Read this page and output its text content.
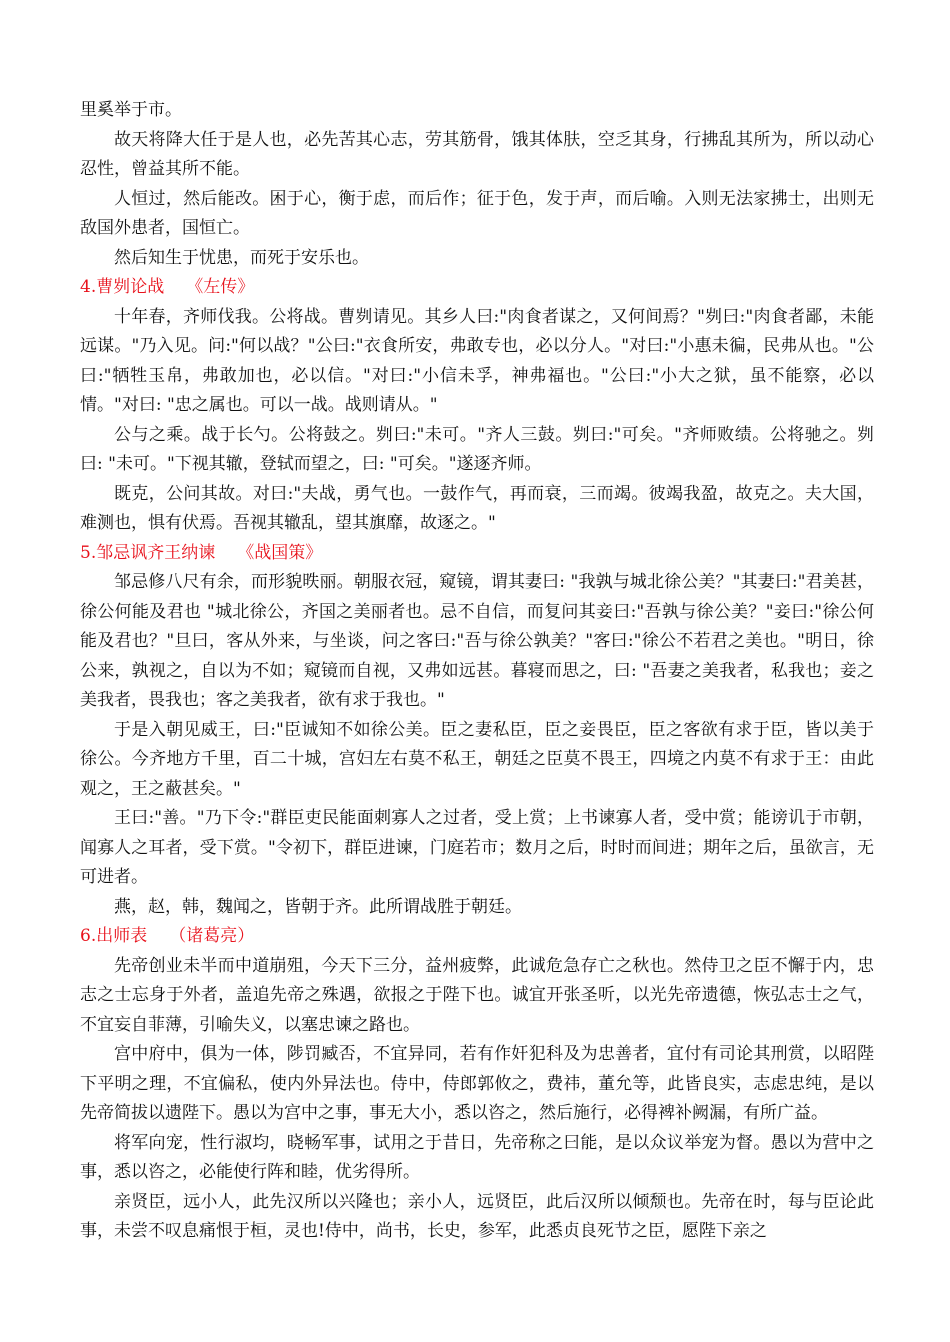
里奚举于市。

故天将降大任于是人也，必先苦其心志，劳其筋骨，饿其体肤，空乏其身，行拂乱其所为，所以动心忍性，曾益其所不能。

人恒过，然后能改。困于心，衡于虑，而后作；征于色，发于声，而后喻。入则无法家拂士，出则无敌国外患者，国恒亡。

然后知生于忧患，而死于安乐也。

4.曹刿论战 《左传》

十年春，齐师伐我。公将战。曹刿请见。其乡人曰:"肉食者谋之，又何间焉？"刿曰:"肉食者鄙，未能远谋。"乃入见。问:"何以战？"公曰:"衣食所安，弗敢专也，必以分人。"对曰:"小惠未徧，民弗从也。"公曰:"牺牲玉帛，弗敢加也，必以信。"对曰:"小信未孚，神弗福也。"公曰:"小大之狱，虽不能察，必以情。"对曰: "忠之属也。可以一战。战则请从。"

公与之乘。战于长勺。公将鼓之。刿曰:"未可。"齐人三鼓。刿曰:"可矣。"齐师败绩。公将驰之。刿曰: "未可。"下视其辙，登轼而望之，曰: "可矣。"遂逐齐师。

既克，公问其故。对曰:"夫战，勇气也。一鼓作气，再而衰，三而竭。彼竭我盈，故克之。夫大国，难测也，惧有伏焉。吾视其辙乱，望其旗靡，故逐之。"

5.邹忌讽齐王纳谏 《战国策》

邹忌修八尺有余，而形貌昳丽。朝服衣冠，窥镜，谓其妻曰: "我孰与城北徐公美？"其妻曰:"君美甚，徐公何能及君也 "城北徐公，齐国之美丽者也。忌不自信，而复问其妾曰:"吾孰与徐公美？"妾曰:"徐公何能及君也？"旦曰，客从外来，与坐谈，问之客曰:"吾与徐公孰美？"客曰:"徐公不若君之美也。"明日，徐公来，孰视之，自以为不如；窥镜而自视，又弗如远甚。暮寝而思之，曰: "吾妻之美我者，私我也；妾之美我者，畏我也；客之美我者，欲有求于我也。"

于是入朝见威王，曰:"臣诚知不如徐公美。臣之妻私臣，臣之妾畏臣，臣之客欲有求于臣，皆以美于徐公。今齐地方千里，百二十城，宫妇左右莫不私王，朝廷之臣莫不畏王，四境之内莫不有求于王：由此观之，王之蔽甚矣。"

王曰:"善。"乃下令:"群臣吏民能面刺寡人之过者，受上赏；上书谏寡人者，受中赏；能谤讥于市朝，闻寡人之耳者，受下赏。"令初下，群臣进谏，门庭若市；数月之后，时时而间进；期年之后，虽欲言，无可进者。

燕，赵，韩，魏闻之，皆朝于齐。此所谓战胜于朝廷。

6.出师表 （诸葛亮）

先帝创业未半而中道崩殂，今天下三分，益州疲弊，此诚危急存亡之秋也。然侍卫之臣不懈于内，忠志之士忘身于外者，盖追先帝之殊遇，欲报之于陛下也。诚宜开张圣听，以光先帝遗德，恢弘志士之气，不宜妄自菲薄，引喻失义，以塞忠谏之路也。

宫中府中，俱为一体，陟罚臧否，不宜异同，若有作奸犯科及为忠善者，宜付有司论其刑赏，以昭陛下平明之理，不宜偏私，使内外异法也。侍中，侍郎郭攸之，费祎，董允等，此皆良实，志虑忠纯，是以先帝简拔以遗陛下。愚以为宫中之事，事无大小，悉以咨之，然后施行，必得裨补阙漏，有所广益。

将军向宠，性行淑均，晓畅军事，试用之于昔日，先帝称之曰能，是以众议举宠为督。愚以为营中之事，悉以咨之，必能使行阵和睦，优劣得所。

亲贤臣，远小人，此先汉所以兴隆也；亲小人，远贤臣，此后汉所以倾颓也。先帝在时，每与臣论此事，未尝不叹息痛恨于桓，灵也!侍中，尚书，长史，参军，此悉贞良死节之臣，愿陛下亲之
